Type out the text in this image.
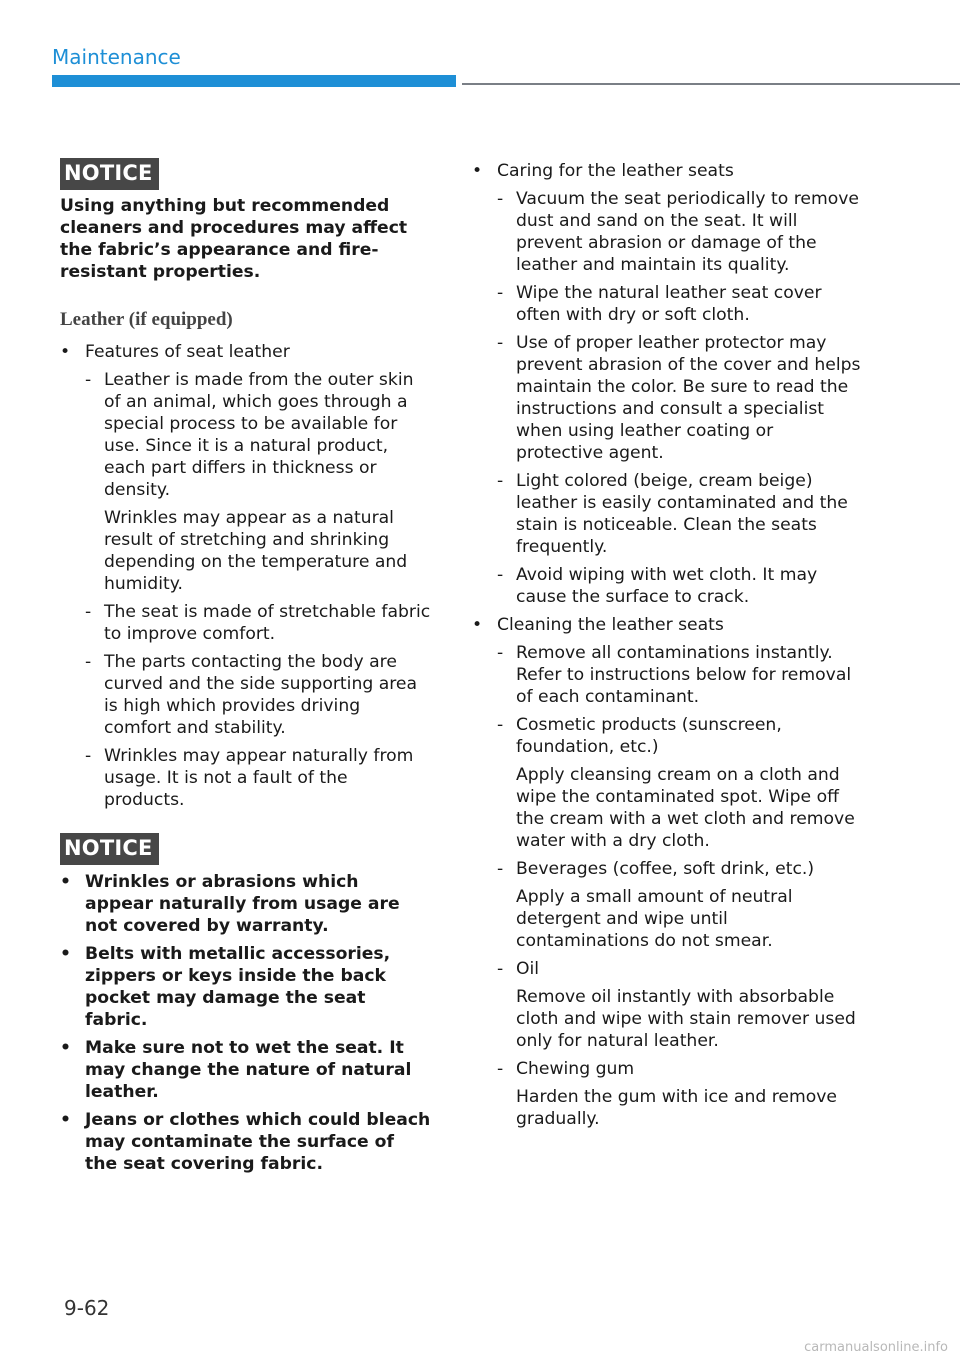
Maintenance
NOTICE

Using anything but recommended cleaners and procedures may affect the fabric’s appearance and fire-resistant properties.

Leather (if equipped)
• Features of seat leather
- Leather is made from the outer skin of an animal, which goes through a special process to be available for use. Since it is a natural product, each part differs in thickness or density.
Wrinkles may appear as a natural result of stretching and shrinking depending on the temperature and humidity.
- The seat is made of stretchable fabric to improve comfort.
- The parts contacting the body are curved and the side supporting area is high which provides driving comfort and stability.
- Wrinkles may appear naturally from usage. It is not a fault of the products.
NOTICE
• Wrinkles or abrasions which appear naturally from usage are not covered by warranty.
• Belts with metallic accessories, zippers or keys inside the back pocket may damage the seat fabric.
• Make sure not to wet the seat. It may change the nature of natural leather.
• Jeans or clothes which could bleach may contaminate the surface of the seat covering fabric.
• Caring for the leather seats
- Vacuum the seat periodically to remove dust and sand on the seat. It will prevent abrasion or damage of the leather and maintain its quality.
- Wipe the natural leather seat cover often with dry or soft cloth.
- Use of proper leather protector may prevent abrasion of the cover and helps maintain the color. Be sure to read the instructions and consult a specialist when using leather coating or protective agent.
- Light colored (beige, cream beige) leather is easily contaminated and the stain is noticeable. Clean the seats frequently.
- Avoid wiping with wet cloth. It may cause the surface to crack.
• Cleaning the leather seats
- Remove all contaminations instantly. Refer to instructions below for removal of each contaminant.
- Cosmetic products (sunscreen, foundation, etc.)
Apply cleansing cream on a cloth and wipe the contaminated spot. Wipe off the cream with a wet cloth and remove water with a dry cloth.
- Beverages (coffee, soft drink, etc.)
Apply a small amount of neutral detergent and wipe until contaminations do not smear.
- Oil
Remove oil instantly with absorbable cloth and wipe with stain remover used only for natural leather.
- Chewing gum
Harden the gum with ice and remove gradually.
9-62
carmanualsonline.info
